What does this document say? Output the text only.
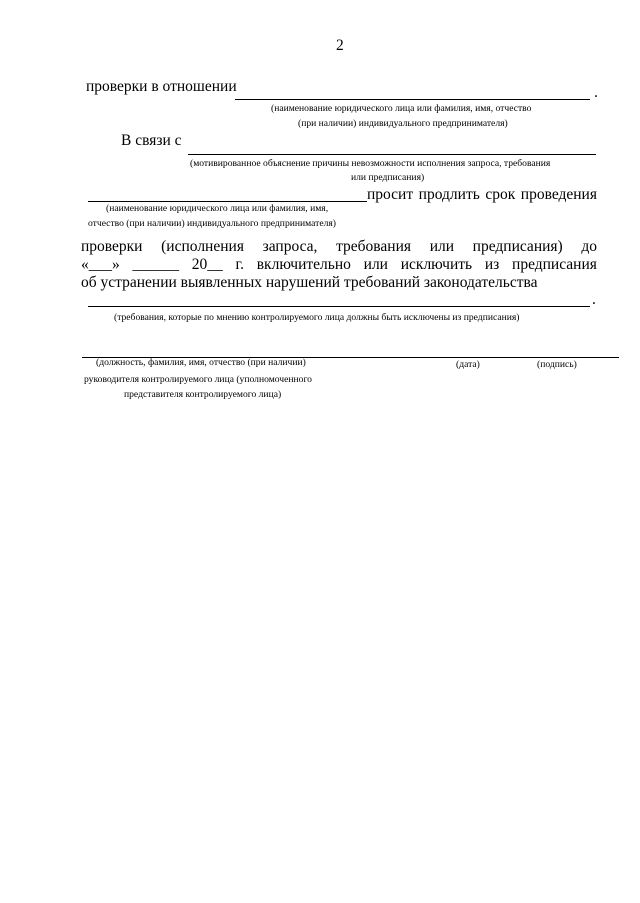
2
проверки в отношении	.
(наименование юридического лица или фамилия, имя, отчество
(при наличии) индивидуального предпринимателя)
В связи с
(мотивированное объяснение причины невозможности исполнения запроса, требования
или предписания)
просит продлить срок проведения
(наименование юридического лица или фамилия, имя,
отчество (при наличии) индивидуального предпринимателя)
проверки (исполнения запроса, требования или предписания) до
«___» ______ 20__ г. включительно или исключить из предписания
об устранении выявленных нарушений требований законодательства
.
(требования, которые по мнению контролируемого лица должны быть исключены из предписания)
(должность, фамилия, имя, отчество (при наличии)	(дата)	(подпись)
руководителя контролируемого лица (уполномоченного
представителя контролируемого лица)
